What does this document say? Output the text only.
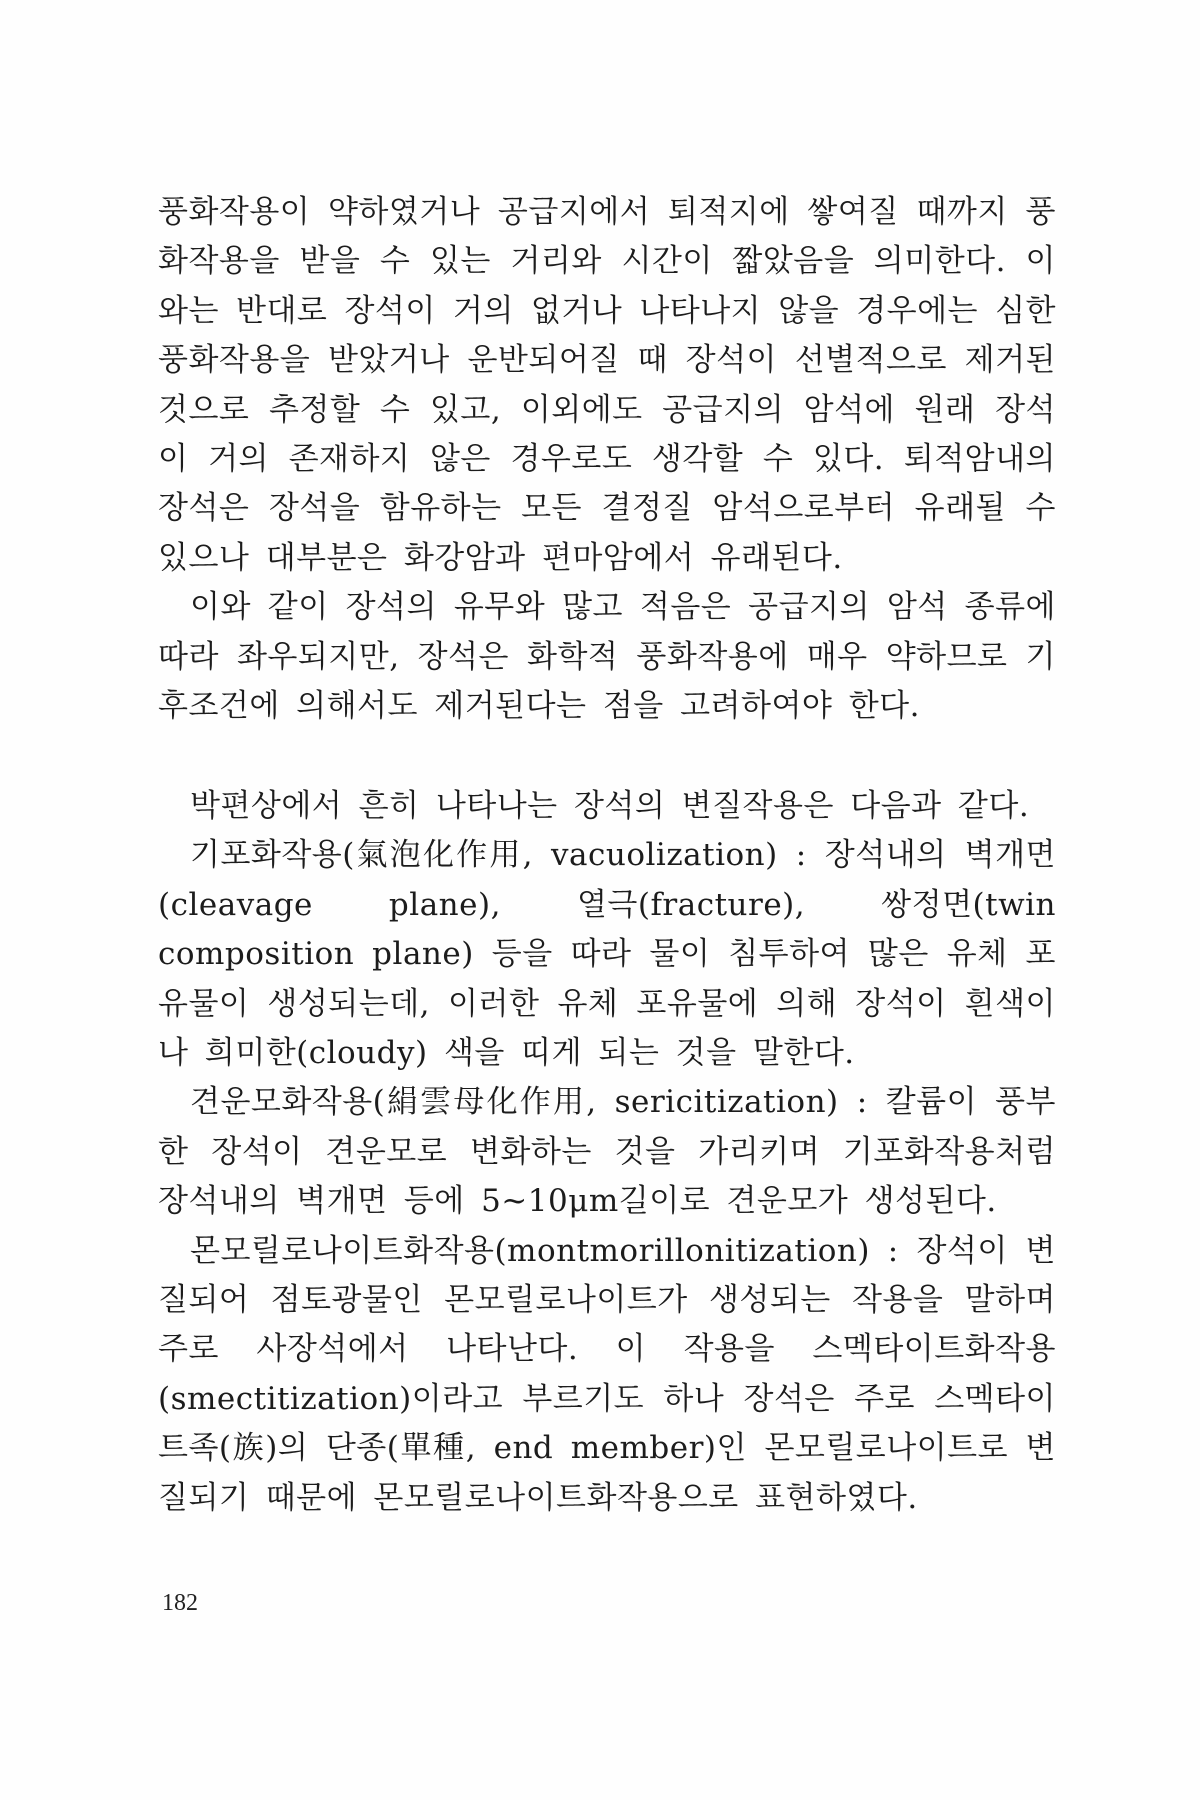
풍화작용이 약하였거나 공급지에서 퇴적지에 쌓여질 때까지 풍화작용을 받을 수 있는 거리와 시간이 짧았음을 의미한다. 이와는 반대로 장석이 거의 없거나 나타나지 않을 경우에는 심한 풍화작용을 받았거나 운반되어질 때 장석이 선별적으로 제거된 것으로 추정할 수 있고, 이외에도 공급지의 암석에 원래 장석이 거의 존재하지 않은 경우로도 생각할 수 있다. 퇴적암내의 장석은 장석을 함유하는 모든 결정질 암석으로부터 유래될 수 있으나 대부분은 화강암과 편마암에서 유래된다.

이와 같이 장석의 유무와 많고 적음은 공급지의 암석 종류에 따라 좌우되지만, 장석은 화학적 풍화작용에 매우 약하므로 기후조건에 의해서도 제거된다는 점을 고려하여야 한다.

박편상에서 흔히 나타나는 장석의 변질작용은 다음과 같다.

기포화작용(氣泡化作用, vacuolization) : 장석내의 벽개면(cleavage plane), 열극(fracture), 쌍정면(twin composition plane) 등을 따라 물이 침투하여 많은 유체 포유물이 생성되는데, 이러한 유체 포유물에 의해 장석이 흰색이나 희미한(cloudy) 색을 띠게 되는 것을 말한다.

견운모화작용(絹雲母化作用, sericitization) : 칼륨이 풍부한 장석이 견운모로 변화하는 것을 가리키며 기포화작용처럼 장석내의 벽개면 등에 5~10μm길이로 견운모가 생성된다.

몬모릴로나이트화작용(montmorillonitization) : 장석이 변질되어 점토광물인 몬모릴로나이트가 생성되는 작용을 말하며 주로 사장석에서 나타난다. 이 작용을 스멕타이트화작용(smectitization)이라고 부르기도 하나 장석은 주로 스멕타이트족(族)의 단종(單種, end member)인 몬모릴로나이트로 변질되기 때문에 몬모릴로나이트화작용으로 표현하였다.

182
